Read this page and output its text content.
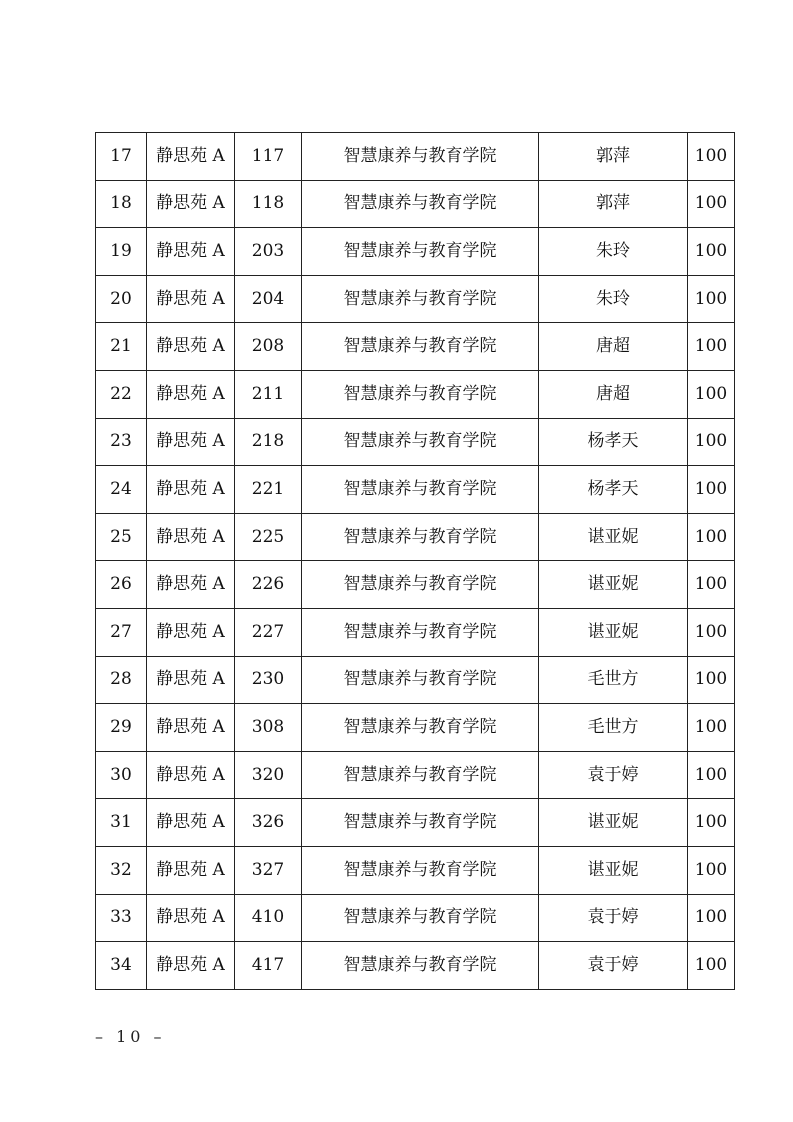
17	静思苑 A	117	智慧康养与教育学院	郭萍	100
18	静思苑 A	118	智慧康养与教育学院	郭萍	100
19	静思苑 A	203	智慧康养与教育学院	朱玲	100
20	静思苑 A	204	智慧康养与教育学院	朱玲	100
21	静思苑 A	208	智慧康养与教育学院	唐超	100
22	静思苑 A	211	智慧康养与教育学院	唐超	100
23	静思苑 A	218	智慧康养与教育学院	杨孝天	100
24	静思苑 A	221	智慧康养与教育学院	杨孝天	100
25	静思苑 A	225	智慧康养与教育学院	谌亚妮	100
26	静思苑 A	226	智慧康养与教育学院	谌亚妮	100
27	静思苑 A	227	智慧康养与教育学院	谌亚妮	100
28	静思苑 A	230	智慧康养与教育学院	毛世方	100
29	静思苑 A	308	智慧康养与教育学院	毛世方	100
30	静思苑 A	320	智慧康养与教育学院	袁于婷	100
31	静思苑 A	326	智慧康养与教育学院	谌亚妮	100
32	静思苑 A	327	智慧康养与教育学院	谌亚妮	100
33	静思苑 A	410	智慧康养与教育学院	袁于婷	100
34	静思苑 A	417	智慧康养与教育学院	袁于婷	100
– 10 –
